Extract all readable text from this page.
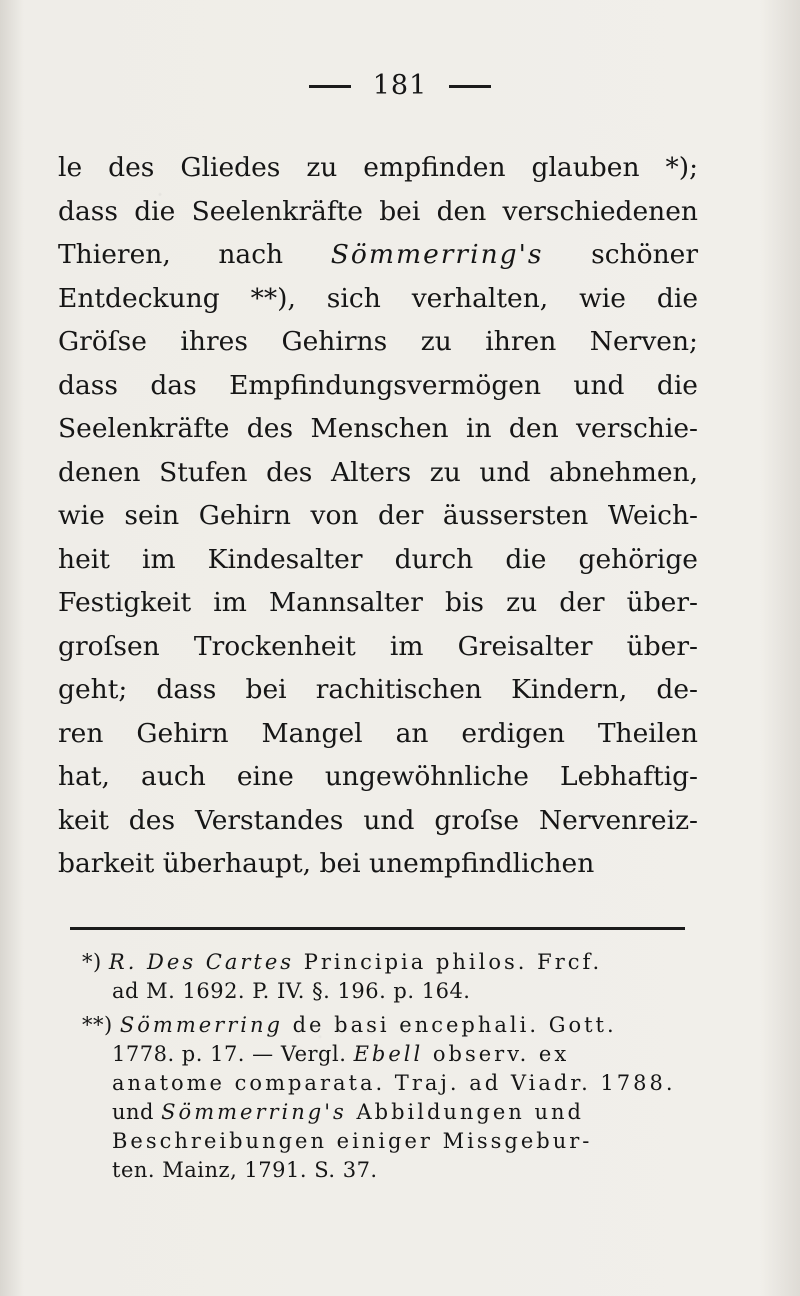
181
le des Gliedes zu empfinden glauben *);
dass die Seelenkräfte bei den verschiedenen
Thieren, nach Sömmerring's schöner
Entdeckung **), sich verhalten, wie die
Gröſse ihres Gehirns zu ihren Nerven;
dass das Empfindungsvermögen und die
Seelenkräfte des Menschen in den verschie-
denen Stufen des Alters zu und abnehmen,
wie sein Gehirn von der äussersten Weich-
heit im Kindesalter durch die gehörige
Festigkeit im Mannsalter bis zu der über-
groſsen Trockenheit im Greisalter über-
geht; dass bei rachitischen Kindern, de-
ren Gehirn Mangel an erdigen Theilen
hat, auch eine ungewöhnliche Lebhaftig-
keit des Verstandes und groſse Nervenreiz-
barkeit überhaupt, bei unempfindlichen
*) R. Des Cartes Principia philos. Frcf.
ad M. 1692. P. IV. §. 196. p. 164.
**) Sömmerring de basi encephali. Gott.
1778. p. 17. — Vergl. Ebell observ. ex
anatome comparata. Traj. ad Viadr. 1788.
und Sömmerring's Abbildungen und
Beschreibungen einiger Missgebur-
ten. Mainz, 1791. S. 37.
